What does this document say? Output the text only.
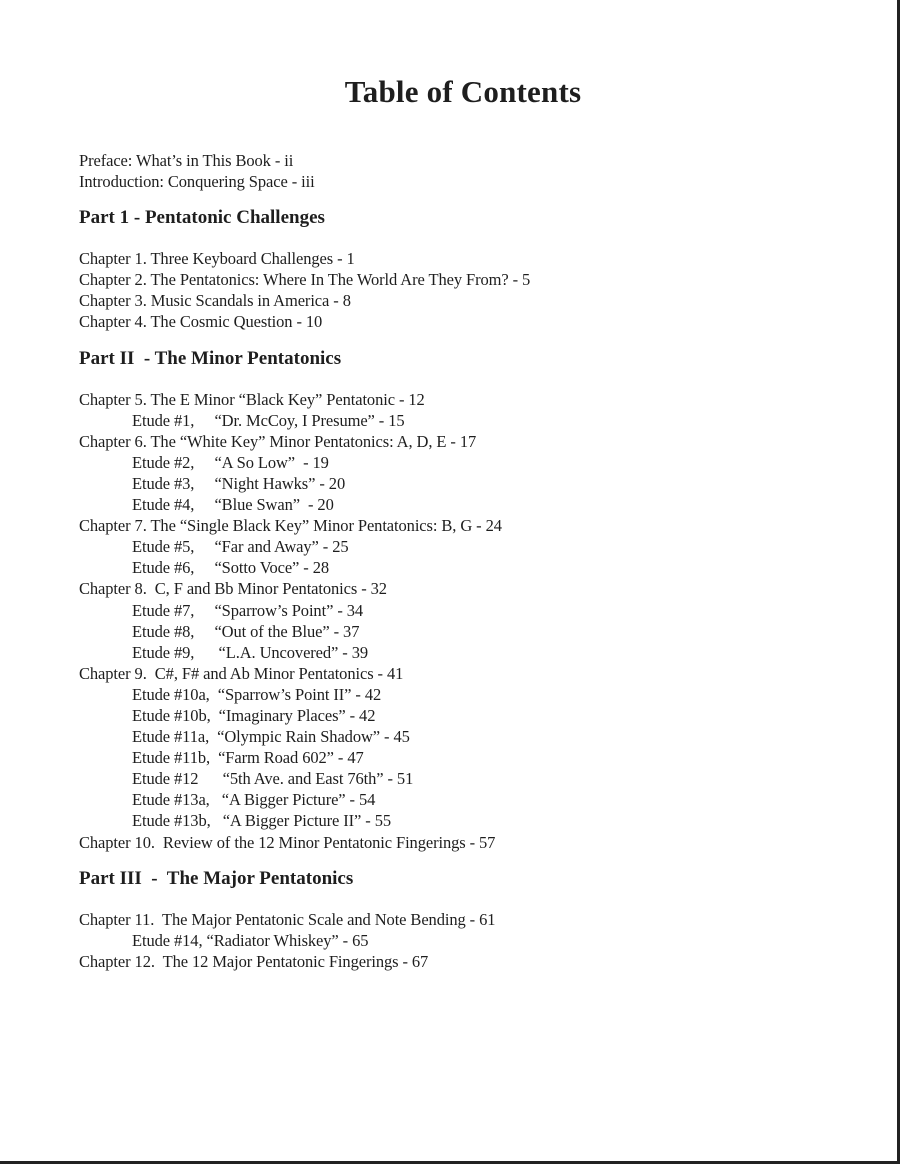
Table of Contents
Preface: What’s in This Book - ii
Introduction: Conquering Space - iii
Part 1 - Pentatonic Challenges
Chapter 1. Three Keyboard Challenges - 1
Chapter 2. The Pentatonics: Where In The World Are They From? - 5
Chapter 3. Music Scandals in America - 8
Chapter 4. The Cosmic Question - 10
Part II  - The Minor Pentatonics
Chapter 5. The E Minor “Black Key” Pentatonic - 12
Etude #1,     “Dr. McCoy, I Presume” - 15
Chapter 6. The “White Key” Minor Pentatonics: A, D, E - 17
Etude #2,     “A So Low”  - 19
Etude #3,     “Night Hawks” - 20
Etude #4,     “Blue Swan”  - 20
Chapter 7. The “Single Black Key” Minor Pentatonics: B, G - 24
Etude #5,     “Far and Away” - 25
Etude #6,     “Sotto Voce” - 28
Chapter 8.  C, F and Bb Minor Pentatonics - 32
Etude #7,     “Sparrow’s Point” - 34
Etude #8,     “Out of the Blue” - 37
Etude #9,      “L.A. Uncovered” - 39
Chapter 9.  C#, F# and Ab Minor Pentatonics - 41
Etude #10a,  “Sparrow’s Point II” - 42
Etude #10b,  “Imaginary Places” - 42
Etude #11a,  “Olympic Rain Shadow” - 45
Etude #11b,  “Farm Road 602” - 47
Etude #12      “5th Ave. and East 76th” - 51
Etude #13a,   “A Bigger Picture” - 54
Etude #13b,   “A Bigger Picture II” - 55
Chapter 10.  Review of the 12 Minor Pentatonic Fingerings - 57
Part III  -  The Major Pentatonics
Chapter 11.  The Major Pentatonic Scale and Note Bending - 61
Etude #14, “Radiator Whiskey” - 65
Chapter 12.  The 12 Major Pentatonic Fingerings - 67
